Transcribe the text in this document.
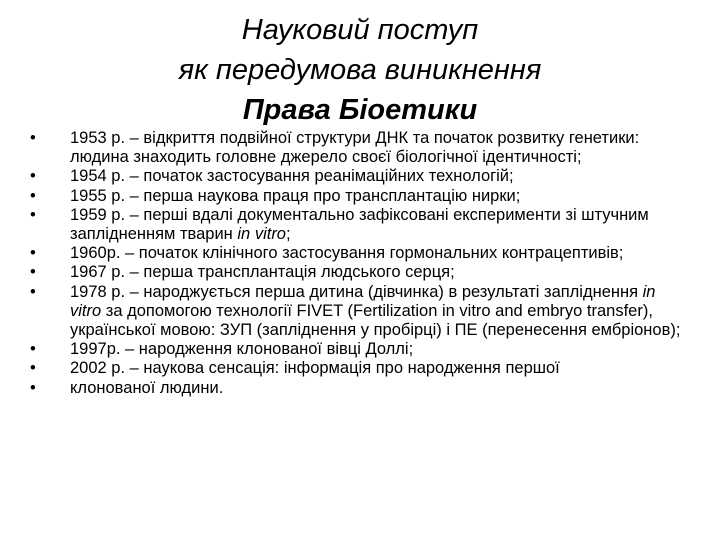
Науковий поступ
як передумова виникнення
Права Біоетики
•	1953 р. – відкриття подвійної структури ДНК та початок розвитку генетики: людина знаходить головне джерело своєї біологічної ідентичності;
•	1954 р. – початок застосування реанімаційних технологій;
•	1955 р. – перша наукова праця про трансплантацію нирки;
•	1959 р. – перші вдалі документально зафіксовані експерименти зі штучним заплідненням тварин in vitro;
•	1960р. – початок клінічного застосування гормональних контрацептивів;
•	1967 р. – перша трансплантація людського серця;
•	1978 р. – народжується перша дитина (дівчинка) в результаті запліднення in vitro за допомогою технології FIVET (Fertilization in vitro and embryo transfer), української мовою: ЗУП (запліднення у пробірці) і ПЕ (перенесення ембріонов);
•	1997р. – народження клонованої вівці Доллі;
•	2002 р. – наукова сенсація: інформація про народження першої
•	клонованої людини.
